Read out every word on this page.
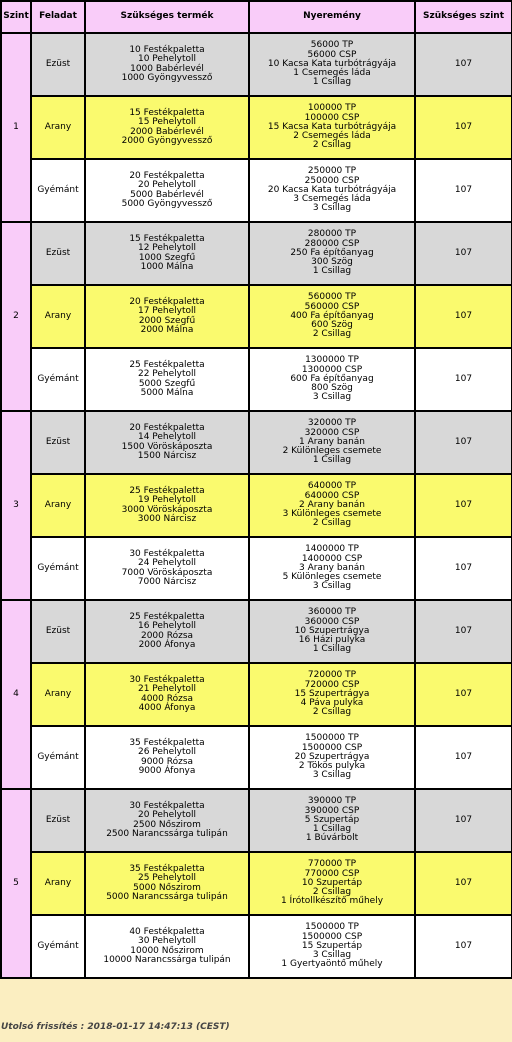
Szint	Feladat	Szükséges termék	Nyeremény	Szükséges szint
1	Ezüst	10 Festékpaletta
10 Pehelytoll
1000 Babérlevél
1000 Gyöngyvessző	56000 TP
56000 CSP
10 Kacsa Kata turbótrágyája
1 Csemegés láda
1 Csillag	107
	Arany	15 Festékpaletta
15 Pehelytoll
2000 Babérlevél
2000 Gyöngyvessző	100000 TP
100000 CSP
15 Kacsa Kata turbótrágyája
2 Csemegés láda
2 Csillag	107
	Gyémánt	20 Festékpaletta
20 Pehelytoll
5000 Babérlevél
5000 Gyöngyvessző	250000 TP
250000 CSP
20 Kacsa Kata turbótrágyája
3 Csemegés láda
3 Csillag	107
2	Ezüst	15 Festékpaletta
12 Pehelytoll
1000 Szegfű
1000 Málna	280000 TP
280000 CSP
250 Fa építőanyag
300 Szög
1 Csillag	107
	Arany	20 Festékpaletta
17 Pehelytoll
2000 Szegfű
2000 Málna	560000 TP
560000 CSP
400 Fa építőanyag
600 Szög
2 Csillag	107
	Gyémánt	25 Festékpaletta
22 Pehelytoll
5000 Szegfű
5000 Málna	1300000 TP
1300000 CSP
600 Fa építőanyag
800 Szög
3 Csillag	107
3	Ezüst	20 Festékpaletta
14 Pehelytoll
1500 Vöröskáposzta
1500 Nárcisz	320000 TP
320000 CSP
1 Arany banán
2 Különleges csemete
1 Csillag	107
	Arany	25 Festékpaletta
19 Pehelytoll
3000 Vöröskáposzta
3000 Nárcisz	640000 TP
640000 CSP
2 Arany banán
3 Különleges csemete
2 Csillag	107
	Gyémánt	30 Festékpaletta
24 Pehelytoll
7000 Vöröskáposzta
7000 Nárcisz	1400000 TP
1400000 CSP
3 Arany banán
5 Különleges csemete
3 Csillag	107
4	Ezüst	25 Festékpaletta
16 Pehelytoll
2000 Rózsa
2000 Áfonya	360000 TP
360000 CSP
10 Szupertrágya
16 Házi pulyka
1 Csillag	107
	Arany	30 Festékpaletta
21 Pehelytoll
4000 Rózsa
4000 Áfonya	720000 TP
720000 CSP
15 Szupertrágya
4 Páva pulyka
2 Csillag	107
	Gyémánt	35 Festékpaletta
26 Pehelytoll
9000 Rózsa
9000 Áfonya	1500000 TP
1500000 CSP
20 Szupertrágya
2 Tökös pulyka
3 Csillag	107
5	Ezüst	30 Festékpaletta
20 Pehelytoll
2500 Nőszirom
2500 Narancssárga tulipán	390000 TP
390000 CSP
5 Szupertáp
1 Csillag
1 Búvárbolt	107
	Arany	35 Festékpaletta
25 Pehelytoll
5000 Nőszirom
5000 Narancssárga tulipán	770000 TP
770000 CSP
10 Szupertáp
2 Csillag
1 Írótollkészítő műhely	107
	Gyémánt	40 Festékpaletta
30 Pehelytoll
10000 Nőszirom
10000 Narancssárga tulipán	1500000 TP
1500000 CSP
15 Szupertáp
3 Csillag
1 Gyertyaöntő műhely	107
Utolsó frissítés : 2018-01-17 14:47:13 (CEST)
